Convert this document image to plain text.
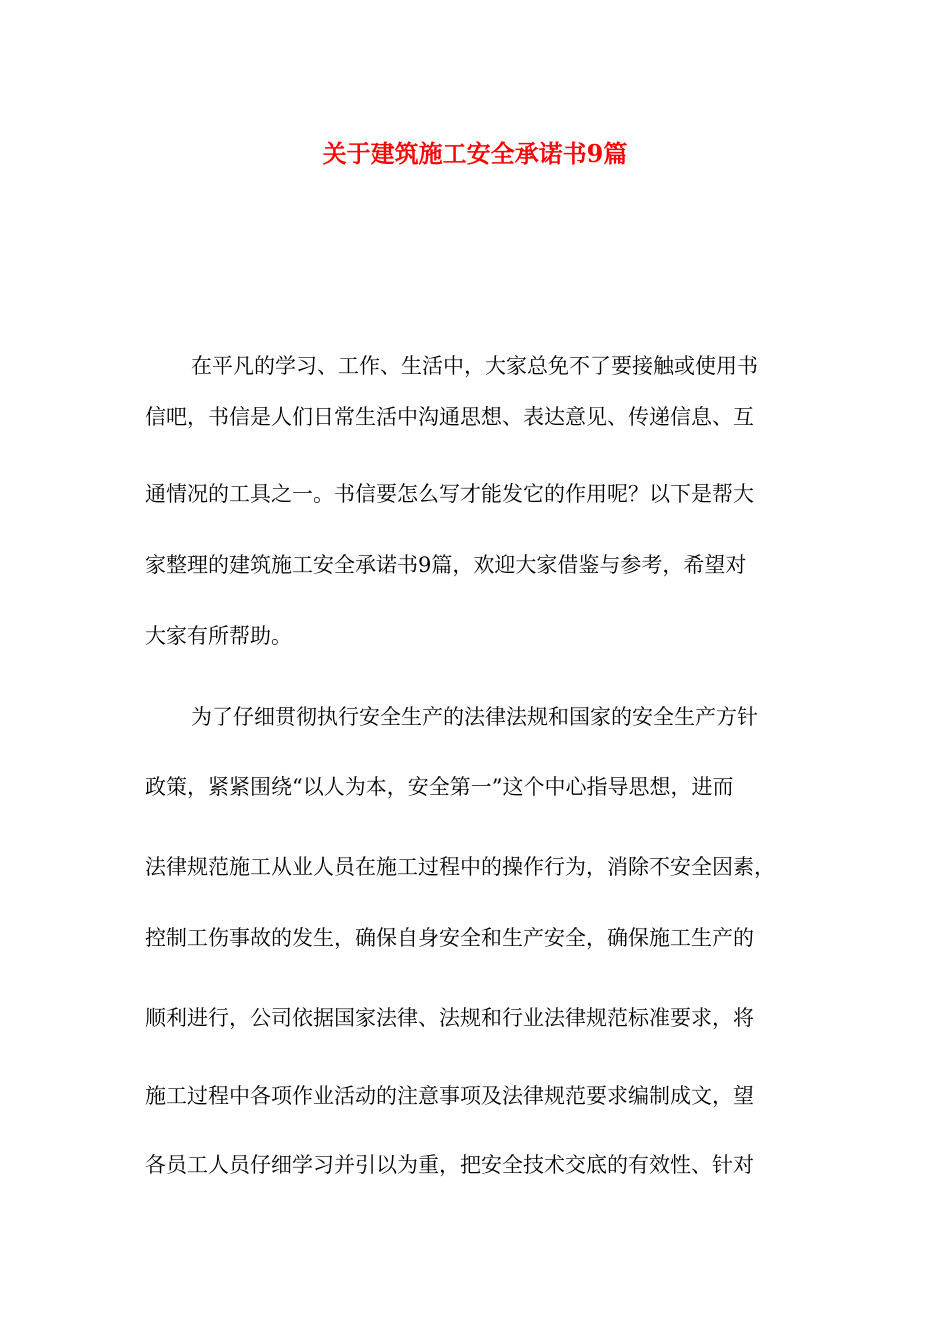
关于建筑施工安全承诺书9篇
在平凡的学习、工作、生活中，大家总免不了要接触或使用书
信吧，书信是人们日常生活中沟通思想、表达意见、传递信息、互
通情况的工具之一。书信要怎么写才能发它的作用呢？以下是帮大
家整理的建筑施工安全承诺书9篇，欢迎大家借鉴与参考，希望对
大家有所帮助。
为了仔细贯彻执行安全生产的法律法规和国家的安全生产方针
政策，紧紧围绕“以人为本，安全第一”这个中心指导思想，进而
法律规范施工从业人员在施工过程中的操作行为，消除不安全因素，
控制工伤事故的发生，确保自身安全和生产安全，确保施工生产的
顺利进行，公司依据国家法律、法规和行业法律规范标准要求，将
施工过程中各项作业活动的注意事项及法律规范要求编制成文，望
各员工人员仔细学习并引以为重，把安全技术交底的有效性、针对
